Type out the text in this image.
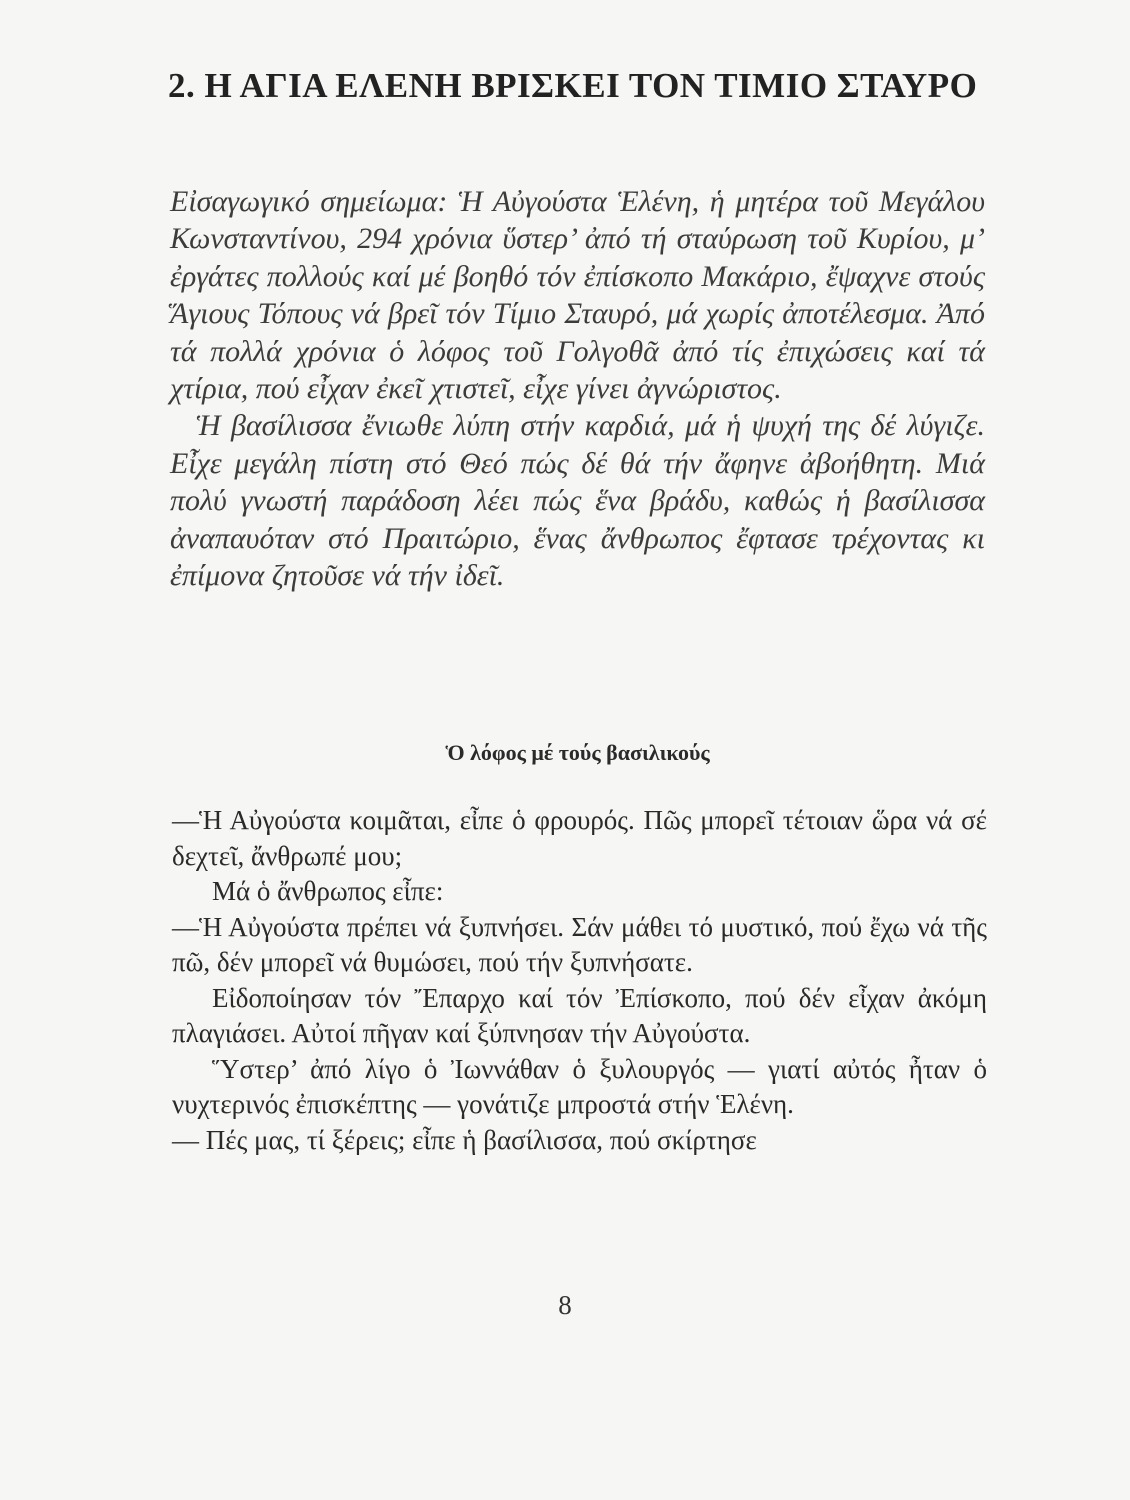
2. Η ΑΓΙΑ ΕΛΕΝΗ ΒΡΙΣΚΕΙ ΤΟΝ ΤΙΜΙΟ ΣΤΑΥΡΟ

Εἰσαγωγικό σημείωμα: Ἡ Αὐγούστα Ἑλένη, ἡ μητέρα τοῦ Μεγάλου Κωνσταντίνου, 294 χρόνια ὕστερ’ ἀπό τή σταύρωση τοῦ Κυρίου, μ’ ἐργάτες πολλούς καί μέ βοηθό τόν ἐπίσκοπο Μακάριο, ἔψαχνε στούς Ἅγιους Τόπους νά βρεῖ τόν Τίμιο Σταυρό, μά χωρίς ἀποτέλεσμα. Ἀπό τά πολλά χρόνια ὁ λόφος τοῦ Γολγοθᾶ ἀπό τίς ἐπιχώσεις καί τά χτίρια, πού εἶχαν ἐκεῖ χτιστεῖ, εἶχε γίνει ἀγνώριστος.

Ἡ βασίλισσα ἔνιωθε λύπη στήν καρδιά, μά ἡ ψυχή της δέ λύγιζε. Εἶχε μεγάλη πίστη στό Θεό πώς δέ θά τήν ἄφηνε ἀβοήθητη. Μιά πολύ γνωστή παράδοση λέει πώς ἕνα βράδυ, καθώς ἡ βασίλισσα ἀναπαυόταν στό Πραιτώριο, ἕνας ἄνθρωπος ἔφτασε τρέχοντας κι ἐπίμονα ζητοῦσε νά τήν ἰδεῖ.

Ὁ λόφος μέ τούς βασιλικούς

—Ἡ Αὐγούστα κοιμᾶται, εἶπε ὁ φρουρός. Πῶς μπορεῖ τέτοιαν ὥρα νά σέ δεχτεῖ, ἄνθρωπέ μου;

Μά ὁ ἄνθρωπος εἶπε:

—Ἡ Αὐγούστα πρέπει νά ξυπνήσει. Σάν μάθει τό μυστικό, πού ἔχω νά τῆς πῶ, δέν μπορεῖ νά θυμώσει, πού τήν ξυπνήσατε.

Εἰδοποίησαν τόν Ἔπαρχο καί τόν Ἐπίσκοπο, πού δέν εἶχαν ἀκόμη πλαγιάσει. Αὐτοί πῆγαν καί ξύπνησαν τήν Αὐγούστα.

Ὕστερ’ ἀπό λίγο ὁ Ἰωννάθαν ὁ ξυλουργός — γιατί αὐτός ἦταν ὁ νυχτερινός ἐπισκέπτης — γονάτιζε μπροστά στήν Ἑλένη.

— Πές μας, τί ξέρεις; εἶπε ἡ βασίλισσα, πού σκίρτησε

8
